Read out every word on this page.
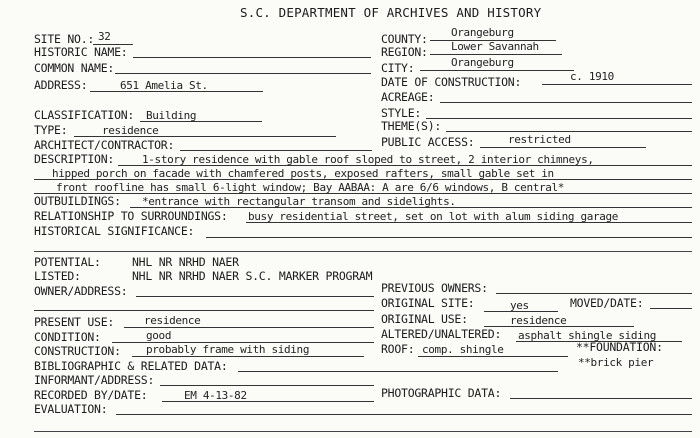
S.C. DEPARTMENT OF ARCHIVES AND HISTORY
SITE NO.: 32	COUNTY: Orangeburg
HISTORIC NAME:	REGION: Lower Savannah
COMMON NAME:	CITY:	Orangeburg
ADDRESS:	651 Amelia St.	DATE OF CONSTRUCTION:	c. 1910
ACREAGE:
CLASSIFICATION: Building	STYLE:
TYPE:	residence	THEME(S):
ARCHITECT/CONTRACTOR:	PUBLIC ACCESS:	restricted
DESCRIPTION:	1-story residence with gable roof sloped to street, 2 interior chimneys,
hipped porch on facade with chamfered posts, exposed rafters, small gable set in
front roofline has small 6-light window; Bay AABAA: A are 6/6 windows, B central*
OUTBUILDINGS: *entrance with rectangular transom and sidelights.
RELATIONSHIP TO SURROUNDINGS: busy residential street, set on lot with alum siding garage
HISTORICAL SIGNIFICANCE:
POTENTIAL:	NHL NR NRHD NAER
LISTED:	NHL NR NRHD NAER S.C. MARKER PROGRAM
OWNER/ADDRESS:	PREVIOUS OWNERS:
ORIGINAL SITE:	yes	MOVED/DATE:
PRESENT USE:	residence	ORIGINAL USE:	residence
CONDITION:	good	ALTERED/UNALTERED: asphalt shingle siding
CONSTRUCTION: probably frame with siding	ROOF: comp. shingle	**FOUNDATION:
**brick pier
BIBLIOGRAPHIC & RELATED DATA:
INFORMANT/ADDRESS:
RECORDED BY/DATE:	EM 4-13-82	PHOTOGRAPHIC DATA:
EVALUATION:
